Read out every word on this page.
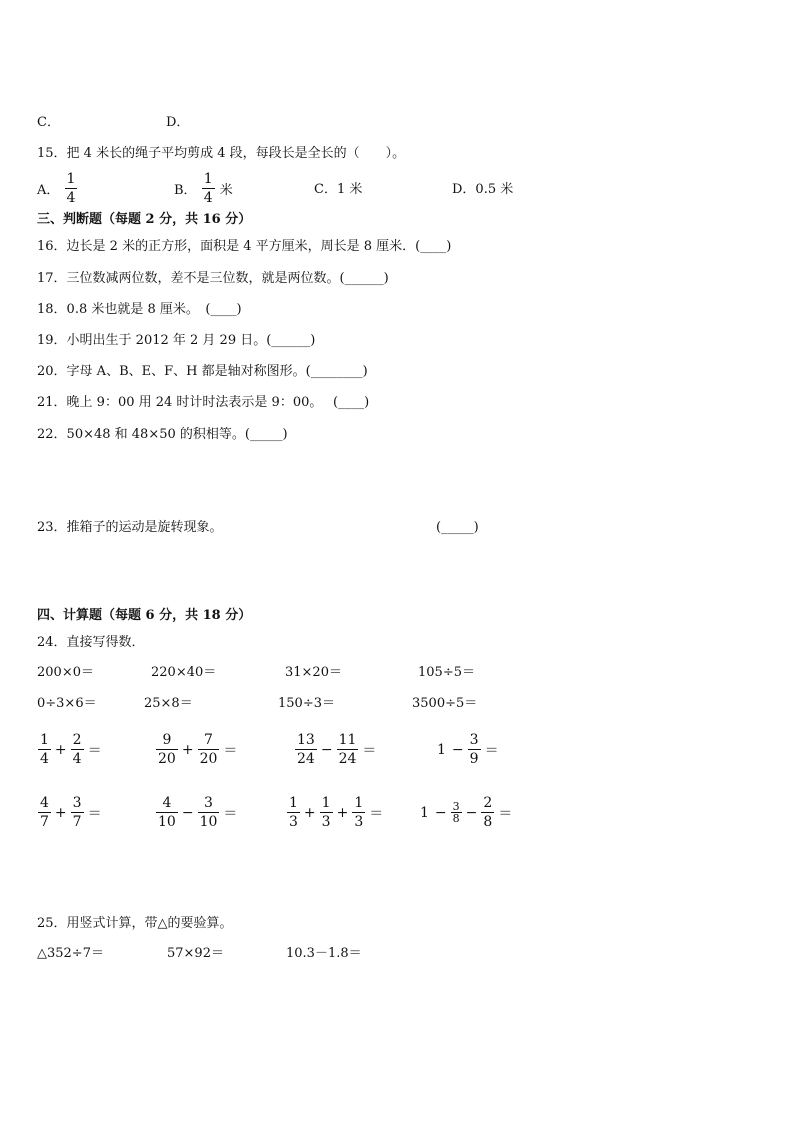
C．	D．
15．把 4 米长的绳子平均剪成 4 段，每段长是全长的（　　）。
A． $\frac{1}{4}$	B． $\frac{1}{4}$ 米	C．1 米	D．0.5 米
三、判断题（每题 2 分，共 16 分）
16．边长是 2 米的正方形，面积是 4 平方厘米，周长是 8 厘米．(____)
17．三位数减两位数，差不是三位数，就是两位数。(______)
18．0.8 米也就是 8 厘米。　(____)
19．小明出生于 2012 年 2 月 29 日。(______)
20．字母 A、B、E、F、H 都是轴对称图形。(________)
21．晚上 9：00 用 24 时计时法表示是 9：00。　 (____)
22．50×48 和 48×50 的积相等。(_____)
23．推箱子的运动是旋转现象。	(_____)
四、计算题（每题 6 分，共 18 分）
24．直接写得数．
200×0＝	220×40＝	31×20＝	105÷5＝
0÷3×6＝	25×8＝	150÷3＝	3500÷5＝
$\frac{1}{4} + \frac{2}{4}$ ＝	$\frac{9}{20} + \frac{7}{20}$ ＝	$\frac{13}{24} - \frac{11}{24}$ ＝	$1 - \frac{3}{9}$ ＝
$\frac{4}{7} + \frac{3}{7}$ ＝	$\frac{4}{10} - \frac{3}{10}$ ＝	$\frac{1}{3} + \frac{1}{3} + \frac{1}{3}$ ＝	$1 - \frac{3}{8} - \frac{2}{8}$ ＝
25．用竖式计算，带△的要验算。
△352÷7＝	57×92＝	10.3－1.8＝
